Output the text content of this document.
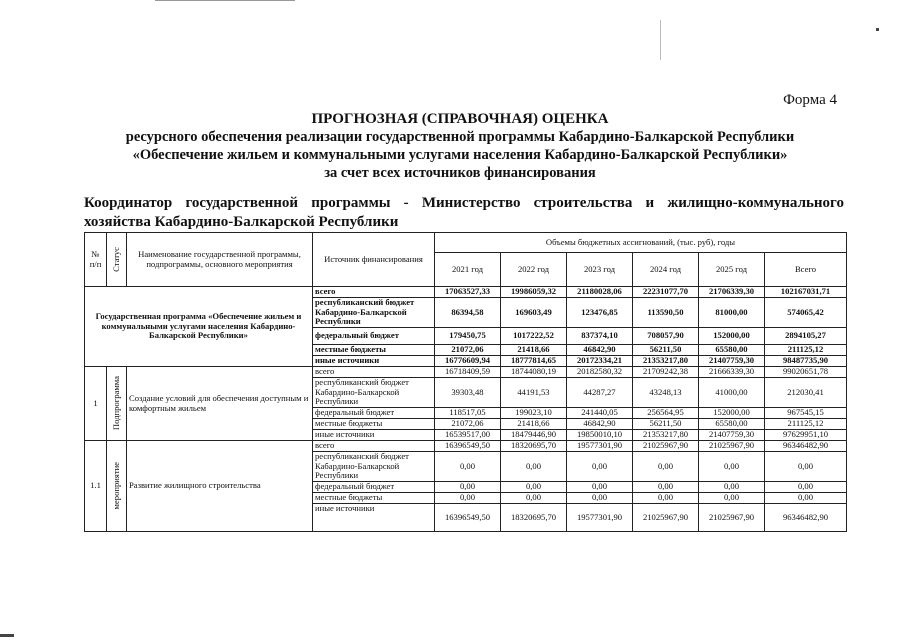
Форма 4
ПРОГНОЗНАЯ (СПРАВОЧНАЯ) ОЦЕНКА
ресурсного обеспечения реализации государственной программы Кабардино-Балкарской Республики
«Обеспечение жильем и коммунальными услугами населения Кабардино-Балкарской Республики»
за счет всех источников финансирования
Координатор государственной программы - Министерство строительства и жилищно-коммунального хозяйства Кабардино-Балкарской Республики
№ п/п	Статус	Наименование государственной программы, подпрограммы, основного мероприятия	Источник финансирования	Объемы бюджетных ассигнований, (тыс. руб), годы					
				2021 год	2022 год	2023 год	2024 год	2025 год	Всего
Государственная программа «Обеспечение жильем и коммунальными услугами населения Кабардино-Балкарской Республики»			всего	17063527,33	19986059,32	21180028,06	22231077,70	21706339,30	102167031,71
			республиканский бюджет Кабардино-Балкарской Республики	86394,58	169603,49	123476,85	113590,50	81000,00	574065,42
			федеральный бюджет	179450,75	1017222,52	837374,10	708057,90	152000,00	2894105,27
			местные бюджеты	21072,06	21418,66	46842,90	56211,50	65580,00	211125,12
			иные источники	16776609,94	18777814,65	20172334,21	21353217,80	21407759,30	98487735,90
1	Подпрограмма	Создание условий для обеспечения доступным и комфортным жильем	всего	16718409,59	18744080,19	20182580,32	21709242,38	21666339,30	99020651,78
			республиканский бюджет Кабардино-Балкарской Республики	39303,48	44191,53	44287,27	43248,13	41000,00	212030,41
			федеральный бюджет	118517,05	199023,10	241440,05	256564,95	152000,00	967545,15
			местные бюджеты	21072,06	21418,66	46842,90	56211,50	65580,00	211125,12
			иные источники	16539517,00	18479446,90	19850010,10	21353217,80	21407759,30	97629951,10
1.1	мероприятие	Развитие жилищного строительства	всего	16396549,50	18320695,70	19577301,90	21025967,90	21025967,90	96346482,90
			республиканский бюджет Кабардино-Балкарской Республики	0,00	0,00	0,00	0,00	0,00	0,00
			федеральный бюджет	0,00	0,00	0,00	0,00	0,00	0,00
			местные бюджеты	0,00	0,00	0,00	0,00	0,00	0,00
			иные источники	16396549,50	18320695,70	19577301,90	21025967,90	21025967,90	96346482,90
